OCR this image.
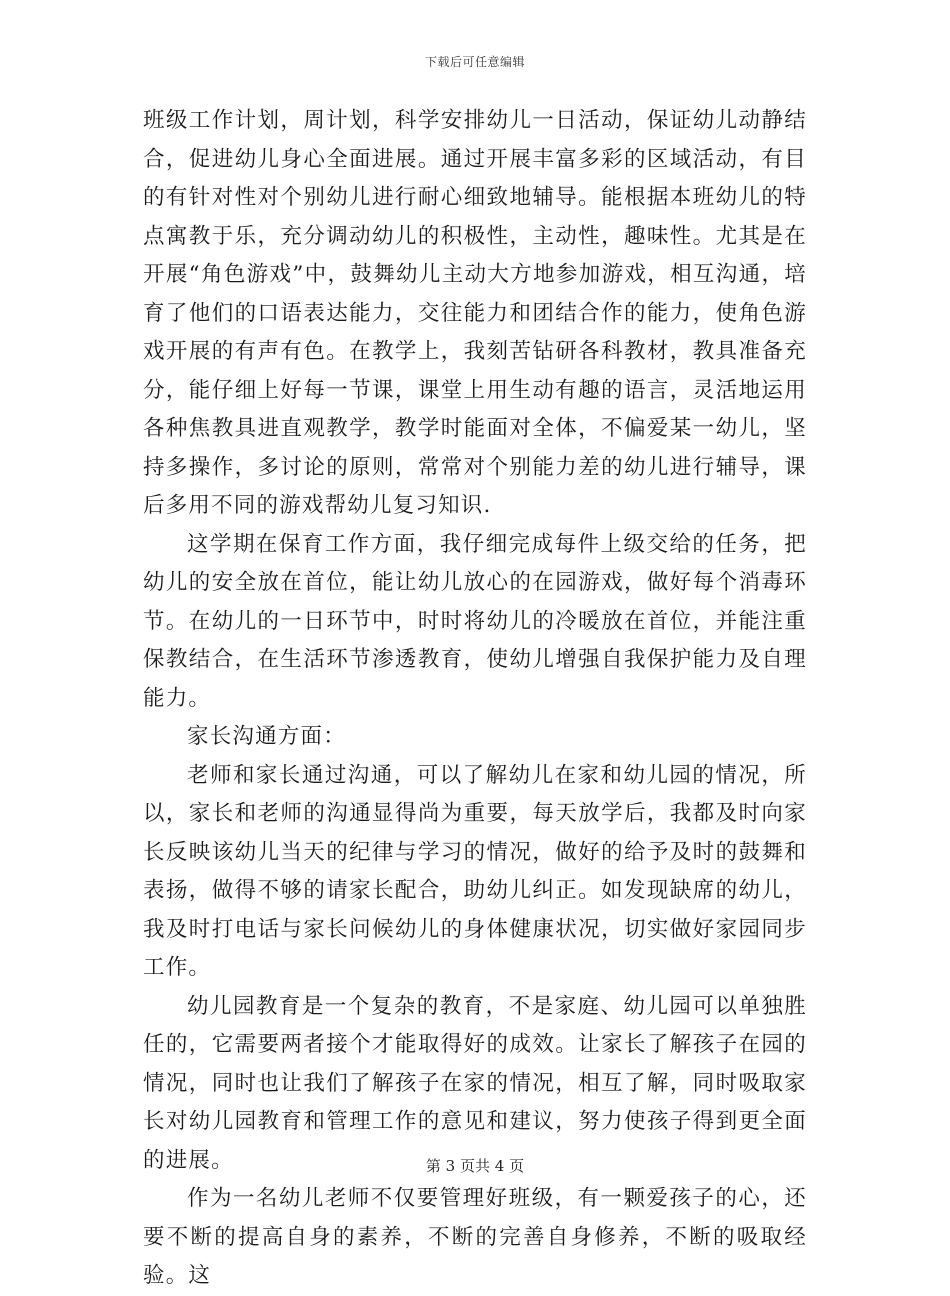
下载后可任意编辑

班级工作计划，周计划，科学安排幼儿一日活动，保证幼儿动静结合，促进幼儿身心全面进展。通过开展丰富多彩的区域活动，有目的有针对性对个别幼儿进行耐心细致地辅导。能根据本班幼儿的特点寓教于乐，充分调动幼儿的积极性，主动性，趣味性。尤其是在开展“角色游戏”中，鼓舞幼儿主动大方地参加游戏，相互沟通，培育了他们的口语表达能力，交往能力和团结合作的能力，使角色游戏开展的有声有色。在教学上，我刻苦钻研各科教材，教具准备充分，能仔细上好每一节课，课堂上用生动有趣的语言，灵活地运用各种焦教具进直观教学，教学时能面对全体，不偏爱某一幼儿，坚持多操作，多讨论的原则，常常对个别能力差的幼儿进行辅导，课后多用不同的游戏帮幼儿复习知识.

这学期在保育工作方面，我仔细完成每件上级交给的任务，把幼儿的安全放在首位，能让幼儿放心的在园游戏，做好每个消毒环节。在幼儿的一日环节中，时时将幼儿的冷暖放在首位，并能注重保教结合，在生活环节渗透教育，使幼儿增强自我保护能力及自理能力。

家长沟通方面：

老师和家长通过沟通，可以了解幼儿在家和幼儿园的情况，所以，家长和老师的沟通显得尚为重要，每天放学后，我都及时向家长反映该幼儿当天的纪律与学习的情况，做好的给予及时的鼓舞和表扬，做得不够的请家长配合，助幼儿纠正。如发现缺席的幼儿，我及时打电话与家长问候幼儿的身体健康状况，切实做好家园同步工作。

幼儿园教育是一个复杂的教育，不是家庭、幼儿园可以单独胜任的，它需要两者接个才能取得好的成效。让家长了解孩子在园的情况，同时也让我们了解孩子在家的情况，相互了解，同时吸取家长对幼儿园教育和管理工作的意见和建议，努力使孩子得到更全面的进展。

作为一名幼儿老师不仅要管理好班级，有一颗爱孩子的心，还要不断的提高自身的素养，不断的完善自身修养，不断的吸取经验。这

第 3 页共 4 页
